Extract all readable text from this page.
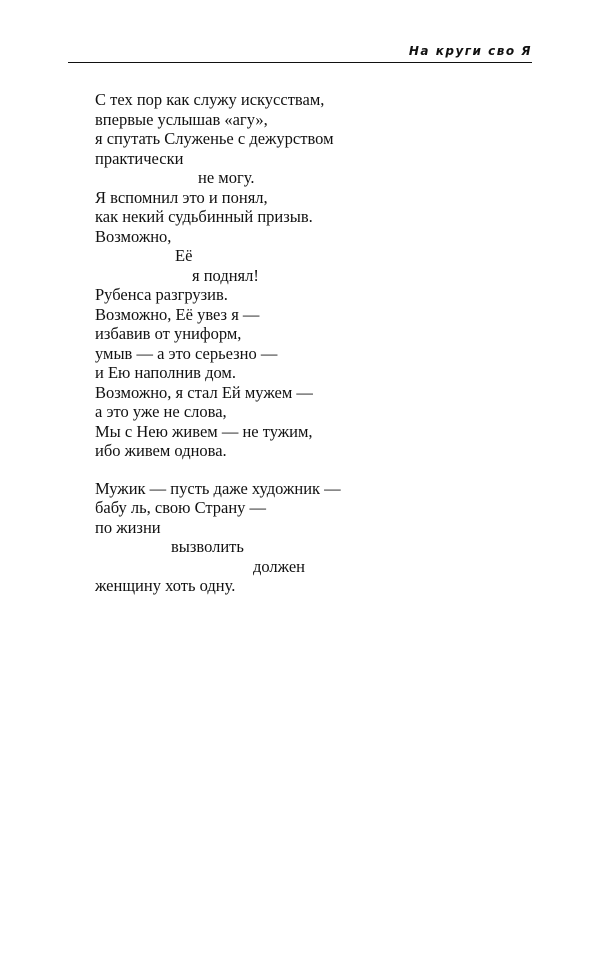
На круги сво Я
С тех пор как служу искусствам,
впервые услышав «агу»,
я спутать Служенье с дежурством
практически
не могу.
Я вспомнил это и понял,
как некий судьбинный призыв.
Возможно,
Её
я поднял!
Рубенса разгрузив.
Возможно, Её увез я —
избавив от униформ,
умыв — а это серьезно —
и Ею наполнив дом.
Возможно, я стал Ей мужем —
а это уже не слова,
Мы с Нею живем — не тужим,
ибо живем однова.
Мужик — пусть даже художник —
бабу ль, свою Страну —
по жизни
вызволить
должен
женщину хоть одну.
